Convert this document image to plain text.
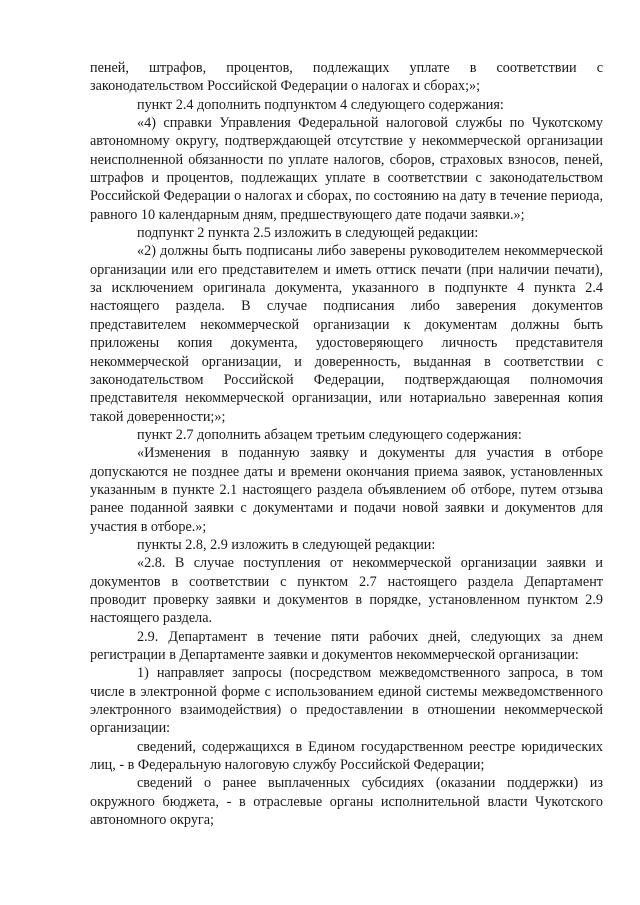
пеней, штрафов, процентов, подлежащих уплате в соответствии с законодательством Российской Федерации о налогах и сборах;»;

пункт 2.4 дополнить подпунктом 4 следующего содержания:

«4) справки Управления Федеральной налоговой службы по Чукотскому автономному округу, подтверждающей отсутствие у некоммерческой организации неисполненной обязанности по уплате налогов, сборов, страховых взносов, пеней, штрафов и процентов, подлежащих уплате в соответствии с законодательством Российской Федерации о налогах и сборах, по состоянию на дату в течение периода, равного 10 календарным дням, предшествующего дате подачи заявки.»;

подпункт 2 пункта 2.5 изложить в следующей редакции:

«2) должны быть подписаны либо заверены руководителем некоммерческой организации или его представителем и иметь оттиск печати (при наличии печати), за исключением оригинала документа, указанного в подпункте 4 пункта 2.4 настоящего раздела. В случае подписания либо заверения документов представителем некоммерческой организации к документам должны быть приложены копия документа, удостоверяющего личность представителя некоммерческой организации, и доверенность, выданная в соответствии с законодательством Российской Федерации, подтверждающая полномочия представителя некоммерческой организации, или нотариально заверенная копия такой доверенности;»;

пункт 2.7 дополнить абзацем третьим следующего содержания:

«Изменения в поданную заявку и документы для участия в отборе допускаются не позднее даты и времени окончания приема заявок, установленных указанным в пункте 2.1 настоящего раздела объявлением об отборе, путем отзыва ранее поданной заявки с документами и подачи новой заявки и документов для участия в отборе.»;

пункты 2.8, 2.9 изложить в следующей редакции:

«2.8. В случае поступления от некоммерческой организации заявки и документов в соответствии с пунктом 2.7 настоящего раздела Департамент проводит проверку заявки и документов в порядке, установленном пунктом 2.9 настоящего раздела.

2.9. Департамент в течение пяти рабочих дней, следующих за днем регистрации в Департаменте заявки и документов некоммерческой организации:

1) направляет запросы (посредством межведомственного запроса, в том числе в электронной форме с использованием единой системы межведомственного электронного взаимодействия) о предоставлении в отношении некоммерческой организации:

сведений, содержащихся в Едином государственном реестре юридических лиц, - в Федеральную налоговую службу Российской Федерации;

сведений о ранее выплаченных субсидиях (оказании поддержки) из окружного бюджета, - в отраслевые органы исполнительной власти Чукотского автономного округа;
